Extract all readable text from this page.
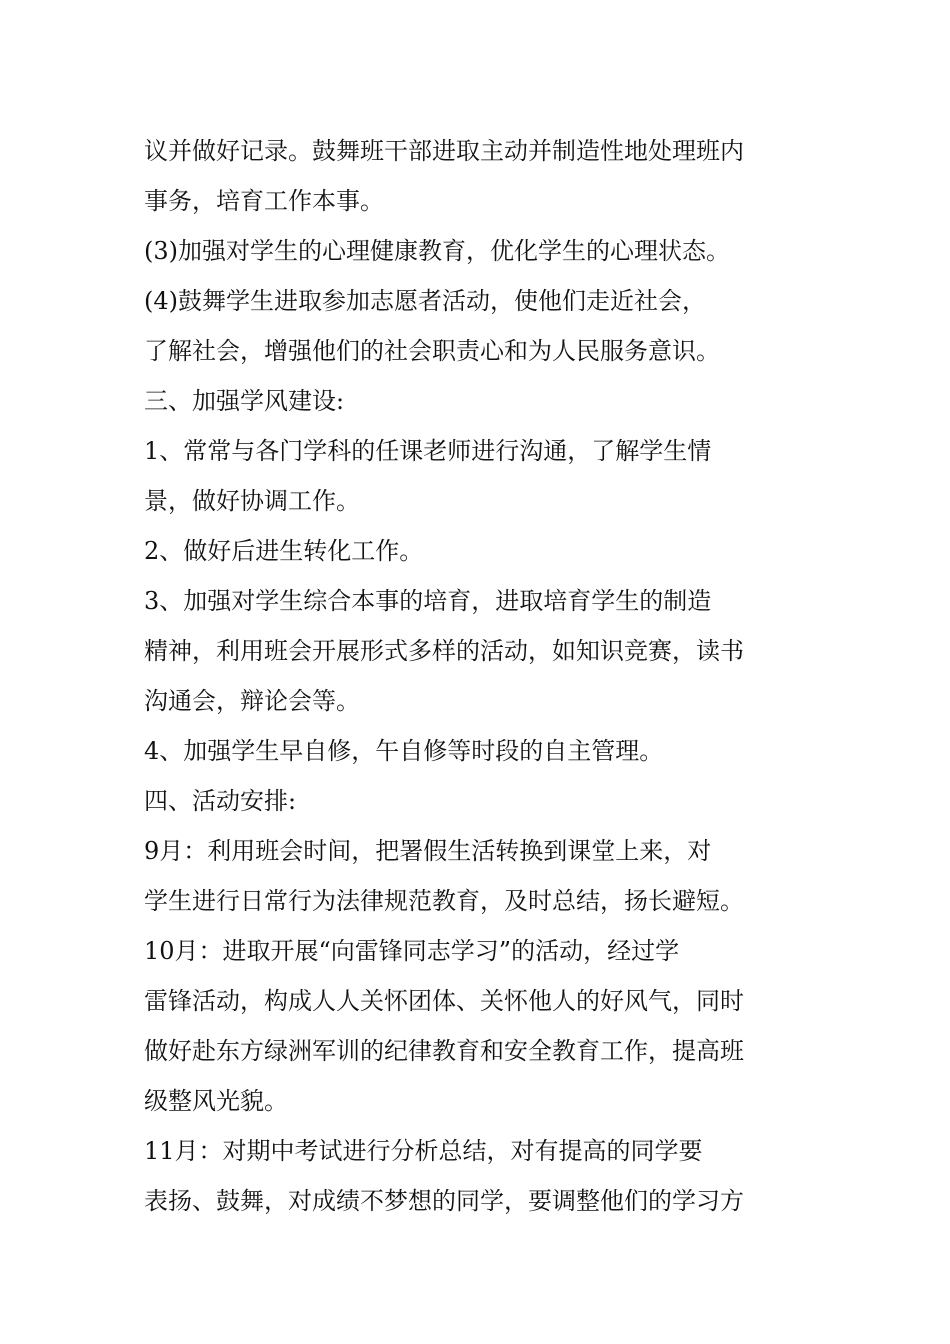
议并做好记录。鼓舞班干部进取主动并制造性地处理班内
事务，培育工作本事。
(3)加强对学生的心理健康教育，优化学生的心理状态。
(4)鼓舞学生进取参加志愿者活动，使他们走近社会，
了解社会，增强他们的社会职责心和为人民服务意识。
三、加强学风建设:
1、常常与各门学科的任课老师进行沟通，了解学生情
景，做好协调工作。
2、做好后进生转化工作。
3、加强对学生综合本事的培育，进取培育学生的制造
精神，利用班会开展形式多样的活动，如知识竞赛，读书
沟通会，辩论会等。
4、加强学生早自修，午自修等时段的自主管理。
四、活动安排:
9月：利用班会时间，把署假生活转换到课堂上来，对
学生进行日常行为法律规范教育，及时总结，扬长避短。
10月：进取开展“向雷锋同志学习”的活动，经过学
雷锋活动，构成人人关怀团体、关怀他人的好风气，同时
做好赴东方绿洲军训的纪律教育和安全教育工作，提高班
级整风光貌。
11月：对期中考试进行分析总结，对有提高的同学要
表扬、鼓舞，对成绩不梦想的同学，要调整他们的学习方
